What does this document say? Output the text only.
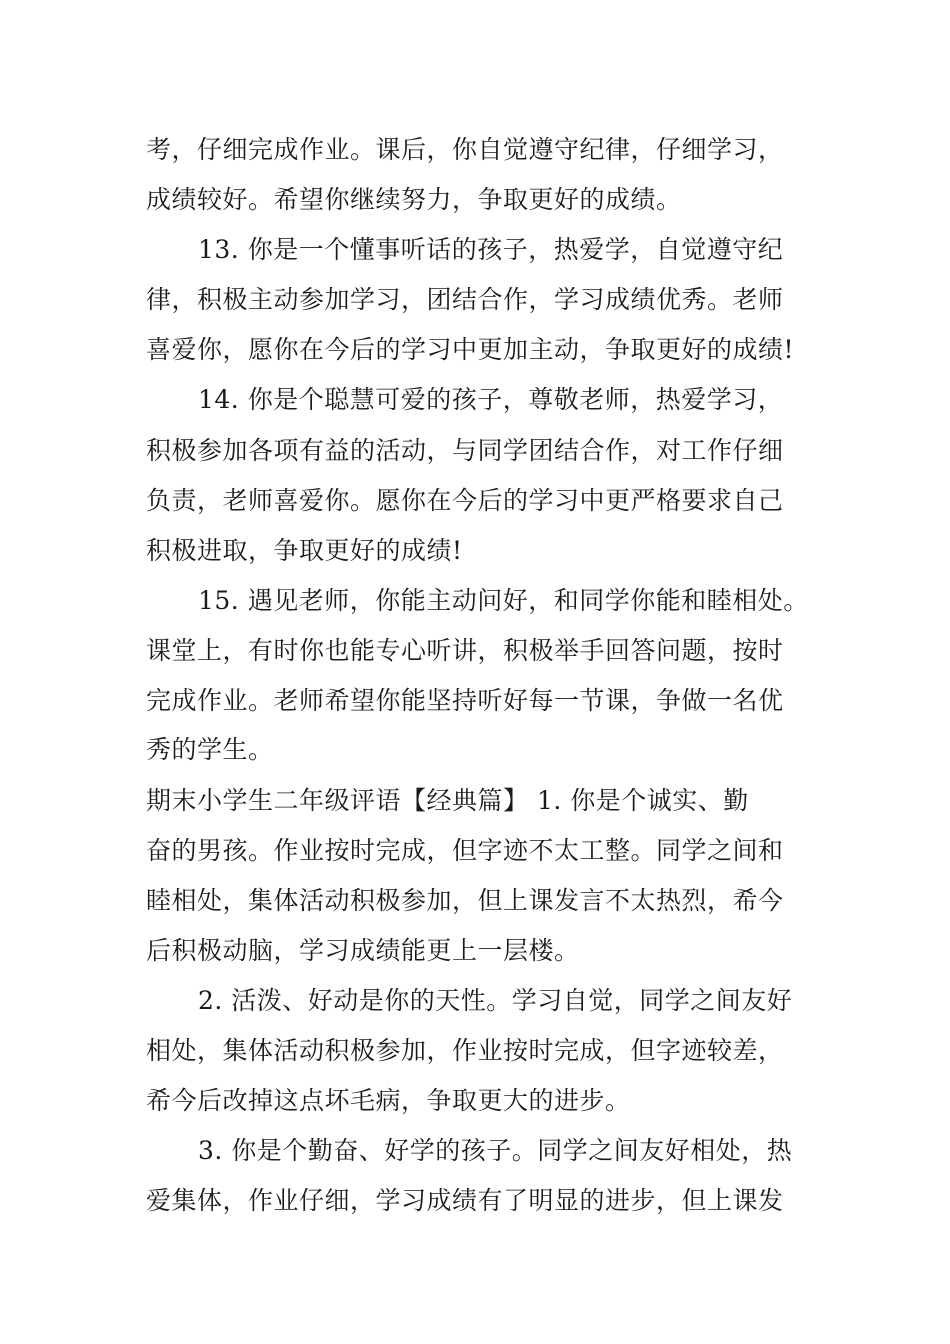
考，仔细完成作业。课后，你自觉遵守纪律，仔细学习，
成绩较好。希望你继续努力，争取更好的成绩。
13. 你是一个懂事听话的孩子，热爱学，自觉遵守纪
律，积极主动参加学习，团结合作，学习成绩优秀。老师
喜爱你，愿你在今后的学习中更加主动，争取更好的成绩!
14. 你是个聪慧可爱的孩子，尊敬老师，热爱学习，
积极参加各项有益的活动，与同学团结合作，对工作仔细
负责，老师喜爱你。愿你在今后的学习中更严格要求自己
积极进取，争取更好的成绩!
15. 遇见老师，你能主动问好，和同学你能和睦相处。
课堂上，有时你也能专心听讲，积极举手回答问题，按时
完成作业。老师希望你能坚持听好每一节课，争做一名优
秀的学生。
期末小学生二年级评语【经典篇】 1. 你是个诚实、勤
奋的男孩。作业按时完成，但字迹不太工整。同学之间和
睦相处，集体活动积极参加，但上课发言不太热烈，希今
后积极动脑，学习成绩能更上一层楼。
2. 活泼、好动是你的天性。学习自觉，同学之间友好
相处，集体活动积极参加，作业按时完成，但字迹较差，
希今后改掉这点坏毛病，争取更大的进步。
3. 你是个勤奋、好学的孩子。同学之间友好相处，热
爱集体，作业仔细，学习成绩有了明显的进步，但上课发
